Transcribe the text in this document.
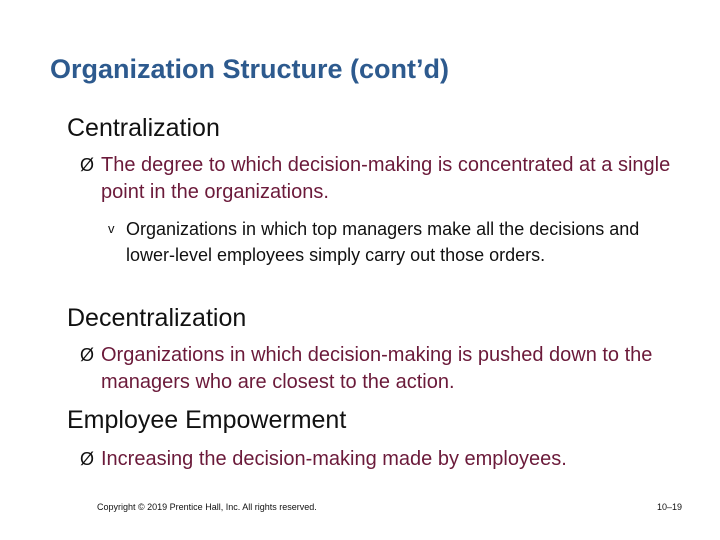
Organization Structure (cont’d)
Centralization
Ø The degree to which decision-making is concentrated at a single point in the organizations.
v Organizations in which top managers make all the decisions and lower-level employees simply carry out those orders.
Decentralization
Ø Organizations in which decision-making is pushed down to the managers who are closest to the action.
Employee Empowerment
Ø Increasing the decision-making made by employees.
Copyright © 2019 Prentice Hall, Inc. All rights reserved.	10–19
